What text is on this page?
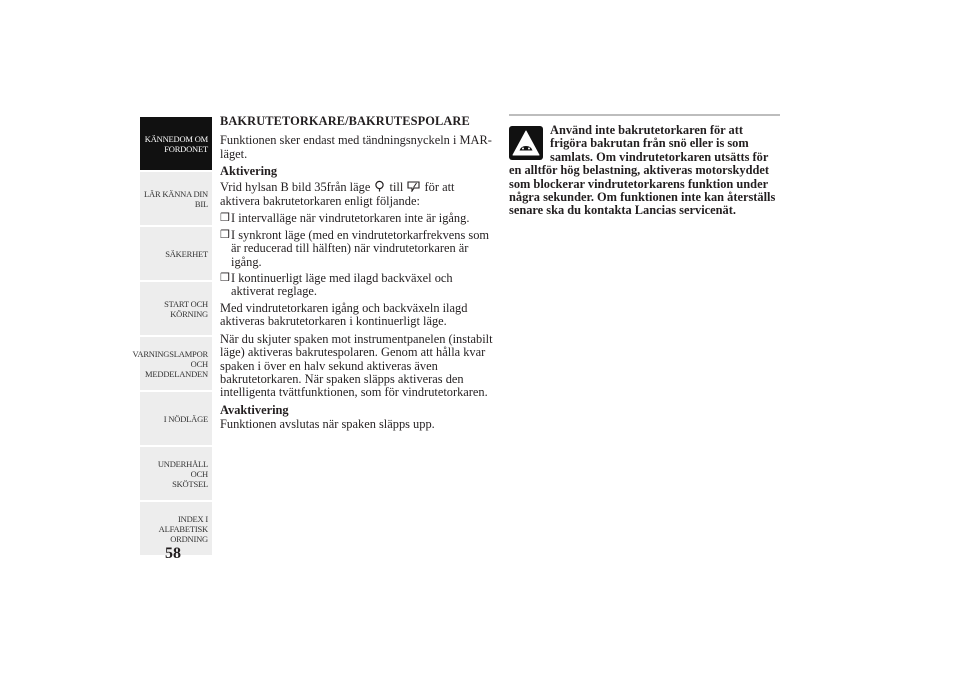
KÄNNEDOM OM
FORDONET
LÄR KÄNNA DIN
BIL
SÄKERHET
START OCH
KÖRNING
VARNINGSLAMPOR
OCH
MEDDELANDEN
I NÖDLÄGE
UNDERHÅLL OCH
SKÖTSEL
INDEX I
ALFABETISK
ORDNING
58

BAKRUTETORKARE/BAKRUTESPOLARE

Funktionen sker endast med tändningsnyckeln i MAR-läget.

Aktivering

Vrid hylsan B bild 35från läge till för att aktivera bakrutetorkaren enligt följande:

❒ I intervalläge när vindrutetorkaren inte är igång.
❒ I synkront läge (med en vindrutetorkarfrekvens som är reducerad till hälften) när vindrutetorkaren är igång.
❒ I kontinuerligt läge med ilagd backväxel och aktiverat reglage.

Med vindrutetorkaren igång och backväxeln ilagd aktiveras bakrutetorkaren i kontinuerligt läge.

När du skjuter spaken mot instrumentpanelen (instabilt läge) aktiveras bakrutespolaren. Genom att hålla kvar spaken i över en halv sekund aktiveras även bakrutetorkaren. När spaken släpps aktiveras den intelligenta tvättfunktionen, som för vindrutetorkaren.

Avaktivering

Funktionen avslutas när spaken släpps upp.

Använd inte bakrutetorkaren för att frigöra bakrutan från snö eller is som samlats. Om vindrutetorkaren utsätts för
en alltför hög belastning, aktiveras motorskyddet som blockerar vindrutetorkarens funktion under några sekunder. Om funktionen inte kan återställs senare ska du kontakta Lancias servicenät.
